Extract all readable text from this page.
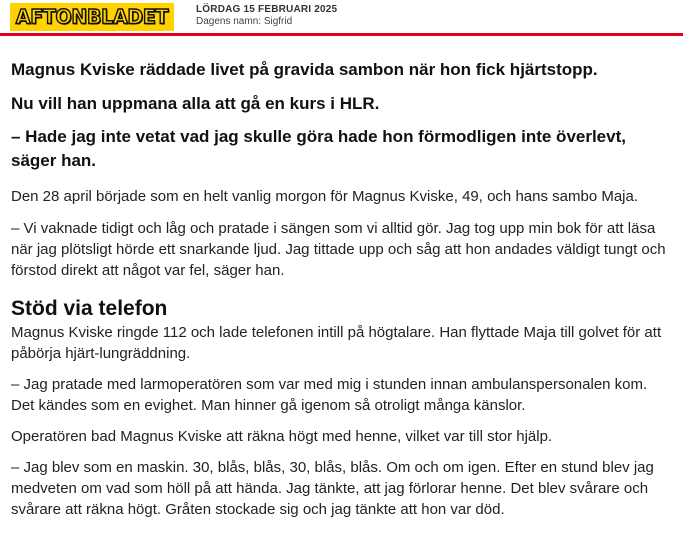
AFTONBLADET	LÖRDAG 15 FEBRUARI 2025
Dagens namn: Sigfrid

Magnus Kviske räddade livet på gravida sambon när hon fick hjärtstopp.

Nu vill han uppmana alla att gå en kurs i HLR.

– Hade jag inte vetat vad jag skulle göra hade hon förmodligen inte överlevt, säger han.

Den 28 april började som en helt vanlig morgon för Magnus Kviske, 49, och hans sambo Maja.

– Vi vaknade tidigt och låg och pratade i sängen som vi alltid gör. Jag tog upp min bok för att läsa när jag plötsligt hörde ett snarkande ljud. Jag tittade upp och såg att hon andades väldigt tungt och förstod direkt att något var fel, säger han.

Stöd via telefon

Magnus Kviske ringde 112 och lade telefonen intill på högtalare. Han flyttade Maja till golvet för att påbörja hjärt-lungräddning.

– Jag pratade med larmoperatören som var med mig i stunden innan ambulanspersonalen kom. Det kändes som en evighet. Man hinner gå igenom så otroligt många känslor.

Operatören bad Magnus Kviske att räkna högt med henne, vilket var till stor hjälp.

– Jag blev som en maskin. 30, blås, blås, 30, blås, blås. Om och om igen. Efter en stund blev jag medveten om vad som höll på att hända. Jag tänkte, att jag förlorar henne. Det blev svårare och svårare att räkna högt. Gråten stockade sig och jag tänkte att hon var död.
